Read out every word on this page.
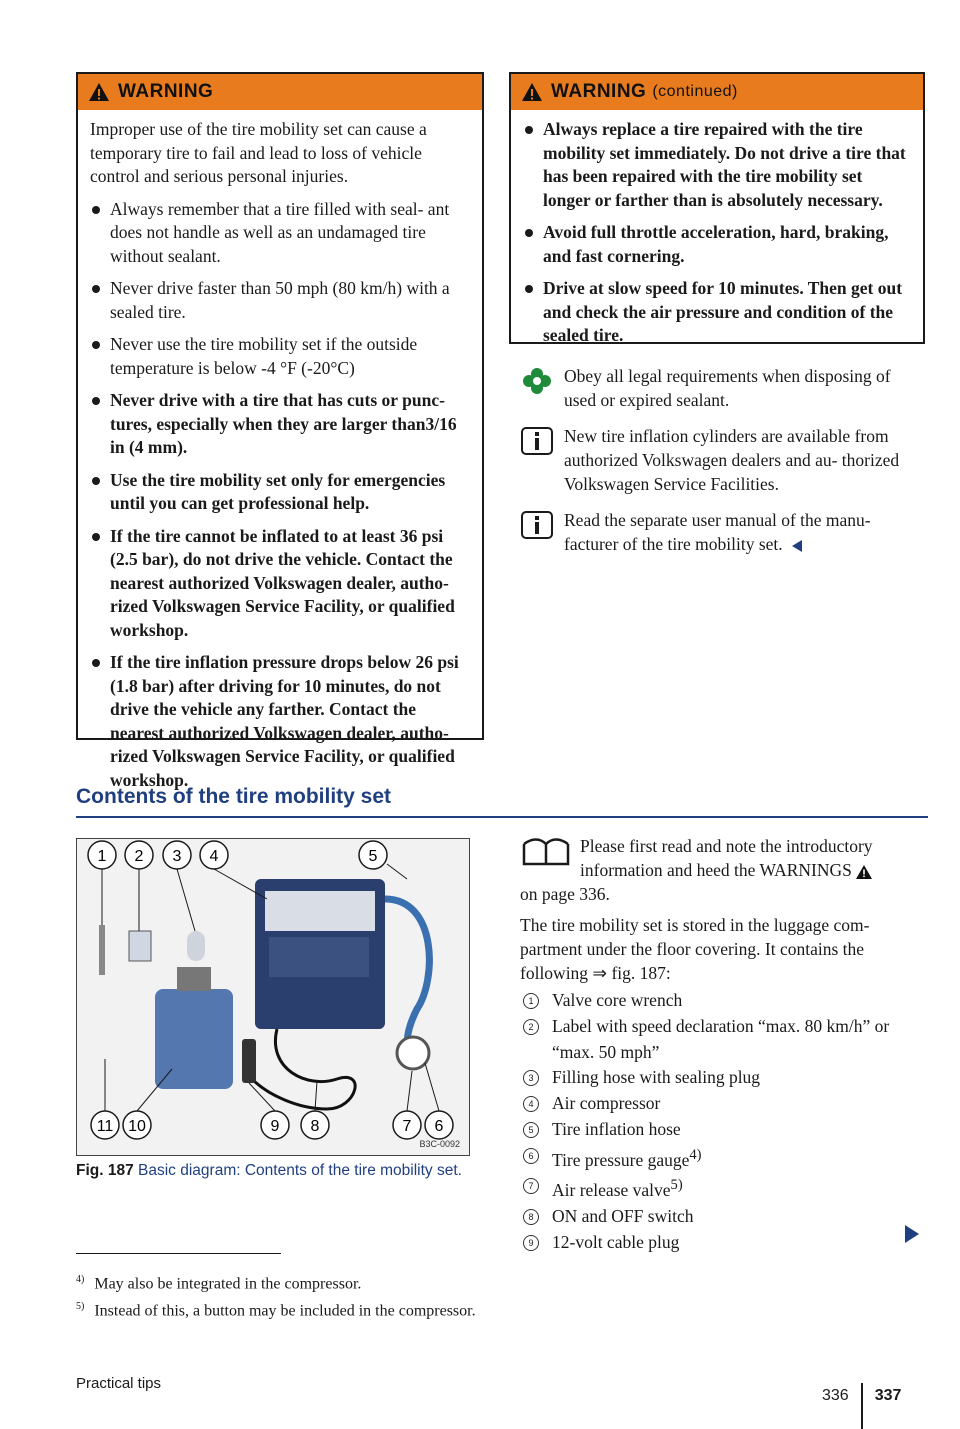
WARNING

Improper use of the tire mobility set can cause a temporary tire to fail and lead to loss of vehicle control and serious personal injuries.

Always remember that a tire filled with seal- ant does not handle as well as an undamaged tire without sealant.
Never drive faster than 50 mph (80 km/h) with a sealed tire.
Never use the tire mobility set if the outside temperature is below -4 °F (-20°C)
Never drive with a tire that has cuts or punc- tures, especially when they are larger than3/16 in (4 mm).
Use the tire mobility set only for emergencies until you can get professional help.
If the tire cannot be inflated to at least 36 psi (2.5 bar), do not drive the vehicle. Contact the nearest authorized Volkswagen dealer, autho- rized Volkswagen Service Facility, or qualified workshop.
If the tire inflation pressure drops below 26 psi (1.8 bar) after driving for 10 minutes, do not drive the vehicle any farther. Contact the nearest authorized Volkswagen dealer, autho- rized Volkswagen Service Facility, or qualified workshop.
WARNING (continued)
Always replace a tire repaired with the tire mobility set immediately. Do not drive a tire that has been repaired with the tire mobility set longer or farther than is absolutely necessary.
Avoid full throttle acceleration, hard, braking, and fast cornering.
Drive at slow speed for 10 minutes. Then get out and check the air pressure and condition of the sealed tire.
Obey all legal requirements when disposing of used or expired sealant.
New tire inflation cylinders are available from authorized Volkswagen dealers and au- thorized Volkswagen Service Facilities.
Read the separate user manual of the manu- facturer of the tire mobility set.
Contents of the tire mobility set
1 2 3 4	5
6
7
8
9
10
11
B3C-0092
Fig. 187 Basic diagram: Contents of the tire mobility set.
Please first read and note the introductory information and heed the WARNINGS
on page 336.
The tire mobility set is stored in the luggage com- partment under the floor covering. It contains the following ⇒ fig. 187:
1	Valve core wrench
2	Label with speed declaration “max. 80 km/h” or “max. 50 mph”
3	Filling hose with sealing plug
4	Air compressor
5	Tire inflation hose
6	Tire pressure gauge$^{4)}$
7	Air release valve$^{5)}$
8	ON and OFF switch
9	12-volt cable plug
$^{4)}$ May also be integrated in the compressor.
$^{5)}$ Instead of this, a button may be included in the compressor.
Practical tips
336 337
